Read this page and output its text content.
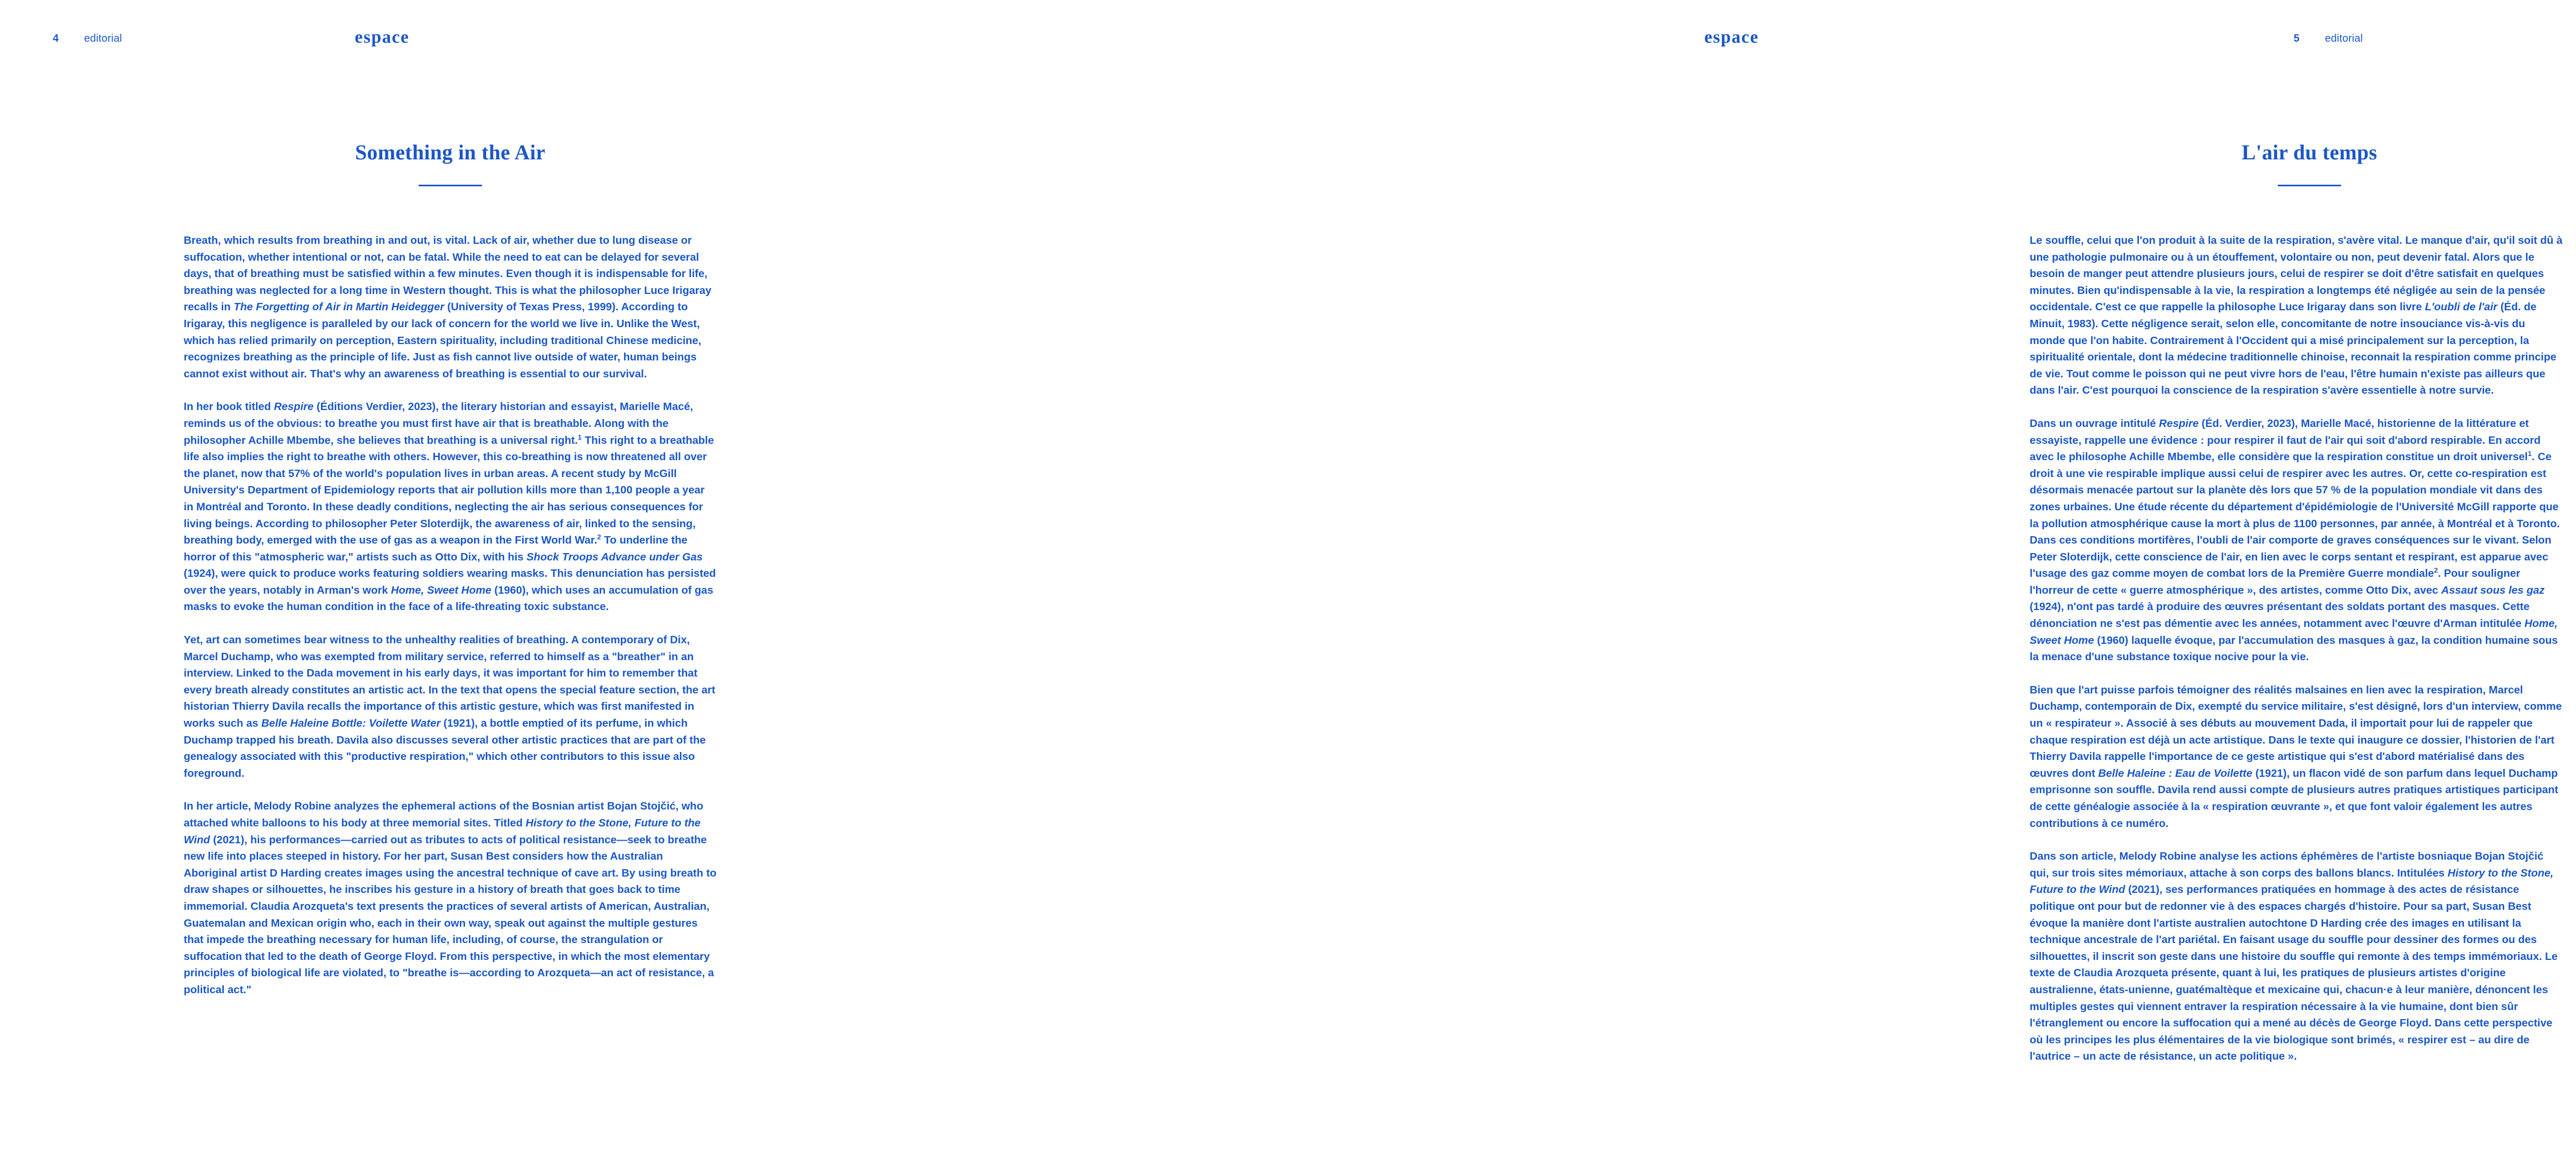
4 editorial	espace
Something in the Air

Breath, which results from breathing in and out, is vital. Lack of air, whether due to lung disease or suffocation, whether intentional or not, can be fatal. While the need to eat can be delayed for several days, that of breathing must be satisfied within a few minutes. Even though it is indispensable for life, breathing was neglected for a long time in Western thought. This is what the philosopher Luce Irigaray recalls in The Forgetting of Air in Martin Heidegger (University of Texas Press, 1999). According to Irigaray, this negligence is paralleled by our lack of concern for the world we live in. Unlike the West, which has relied primarily on perception, Eastern spirituality, including traditional Chinese medicine, recognizes breathing as the principle of life. Just as fish cannot live outside of water, human beings cannot exist without air. That's why an awareness of breathing is essential to our survival.

In her book titled Respire (Éditions Verdier, 2023), the literary historian and essayist, Marielle Macé, reminds us of the obvious: to breathe you must first have air that is breathable. Along with the philosopher Achille Mbembe, she believes that breathing is a universal right.$^1$ This right to a breathable life also implies the right to breathe with others. However, this co-breathing is now threatened all over the planet, now that 57% of the world's population lives in urban areas. A recent study by McGill University's Department of Epidemiology reports that air pollution kills more than 1,100 people a year in Montréal and Toronto. In these deadly conditions, neglecting the air has serious consequences for living beings. According to philosopher Peter Sloterdijk, the awareness of air, linked to the sensing, breathing body, emerged with the use of gas as a weapon in the First World War.$^2$ To underline the horror of this "atmospheric war," artists such as Otto Dix, with his Shock Troops Advance under Gas (1924), were quick to produce works featuring soldiers wearing masks. This denunciation has persisted over the years, notably in Arman's work Home, Sweet Home (1960), which uses an accumulation of gas masks to evoke the human condition in the face of a life-threating toxic substance.

Yet, art can sometimes bear witness to the unhealthy realities of breathing. A contemporary of Dix, Marcel Duchamp, who was exempted from military service, referred to himself as a "breather" in an interview. Linked to the Dada movement in his early days, it was important for him to remember that every breath already constitutes an artistic act. In the text that opens the special feature section, the art historian Thierry Davila recalls the importance of this artistic gesture, which was first manifested in works such as Belle Haleine Bottle: Voilette Water (1921), a bottle emptied of its perfume, in which Duchamp trapped his breath. Davila also discusses several other artistic practices that are part of the genealogy associated with this "productive respiration," which other contributors to this issue also foreground.

In her article, Melody Robine analyzes the ephemeral actions of the Bosnian artist Bojan Stojčić, who attached white balloons to his body at three memorial sites. Titled History to the Stone, Future to the Wind (2021), his performances—carried out as tributes to acts of political resistance—seek to breathe new life into places steeped in history. For her part, Susan Best considers how the Australian Aboriginal artist D Harding creates images using the ancestral technique of cave art. By using breath to draw shapes or silhouettes, he inscribes his gesture in a history of breath that goes back to time immemorial. Claudia Arozqueta's text presents the practices of several artists of American, Australian, Guatemalan and Mexican origin who, each in their own way, speak out against the multiple gestures that impede the breathing necessary for human life, including, of course, the strangulation or suffocation that led to the death of George Floyd. From this perspective, in which the most elementary principles of biological life are violated, to "breathe is—according to Arozqueta—an act of resistance, a political act."

5 editorial
espace
L'air du temps

Le souffle, celui que l'on produit à la suite de la respiration, s'avère vital. Le manque d'air, qu'il soit dû à une pathologie pulmonaire ou à un étouffement, volontaire ou non, peut devenir fatal. Alors que le besoin de manger peut attendre plusieurs jours, celui de respirer se doit d'être satisfait en quelques minutes. Bien qu'indispensable à la vie, la respiration a longtemps été négligée au sein de la pensée occidentale. C'est ce que rappelle la philosophe Luce Irigaray dans son livre L'oubli de l'air (Éd. de Minuit, 1983). Cette négligence serait, selon elle, concomitante de notre insouciance vis-à-vis du monde que l'on habite. Contrairement à l'Occident qui a misé principalement sur la perception, la spiritualité orientale, dont la médecine traditionnelle chinoise, reconnait la respiration comme principe de vie. Tout comme le poisson qui ne peut vivre hors de l'eau, l'être humain n'existe pas ailleurs que dans l'air. C'est pourquoi la conscience de la respiration s'avère essentielle à notre survie.

Dans un ouvrage intitulé Respire (Éd. Verdier, 2023), Marielle Macé, historienne de la littérature et essayiste, rappelle une évidence : pour respirer il faut de l'air qui soit d'abord respirable. En accord avec le philosophe Achille Mbembe, elle considère que la respiration constitue un droit universel$^1$. Ce droit à une vie respirable implique aussi celui de respirer avec les autres. Or, cette co-respiration est désormais menacée partout sur la planète dès lors que 57 % de la population mondiale vit dans des zones urbaines. Une étude récente du département d'épidémiologie de l'Université McGill rapporte que la pollution atmosphérique cause la mort à plus de 1100 personnes, par année, à Montréal et à Toronto. Dans ces conditions mortifères, l'oubli de l'air comporte de graves conséquences sur le vivant. Selon Peter Sloterdijk, cette conscience de l'air, en lien avec le corps sentant et respirant, est apparue avec l'usage des gaz comme moyen de combat lors de la Première Guerre mondiale$^2$. Pour souligner l'horreur de cette « guerre atmosphérique », des artistes, comme Otto Dix, avec Assaut sous les gaz (1924), n'ont pas tardé à produire des œuvres présentant des soldats portant des masques. Cette dénonciation ne s'est pas démentie avec les années, notamment avec l'œuvre d'Arman intitulée Home, Sweet Home (1960) laquelle évoque, par l'accumulation des masques à gaz, la condition humaine sous la menace d'une substance toxique nocive pour la vie.

Bien que l'art puisse parfois témoigner des réalités malsaines en lien avec la respiration, Marcel Duchamp, contemporain de Dix, exempté du service militaire, s'est désigné, lors d'un interview, comme un « respirateur ». Associé à ses débuts au mouvement Dada, il importait pour lui de rappeler que chaque respiration est déjà un acte artistique. Dans le texte qui inaugure ce dossier, l'historien de l'art Thierry Davila rappelle l'importance de ce geste artistique qui s'est d'abord matérialisé dans des œuvres dont Belle Haleine : Eau de Voilette (1921), un flacon vidé de son parfum dans lequel Duchamp emprisonne son souffle. Davila rend aussi compte de plusieurs autres pratiques artistiques participant de cette généalogie associée à la « respiration œuvrante », et que font valoir également les autres contributions à ce numéro.

Dans son article, Melody Robine analyse les actions éphémères de l'artiste bosniaque Bojan Stojčić qui, sur trois sites mémoriaux, attache à son corps des ballons blancs. Intitulées History to the Stone, Future to the Wind (2021), ses performances pratiquées en hommage à des actes de résistance politique ont pour but de redonner vie à des espaces chargés d'histoire. Pour sa part, Susan Best évoque la manière dont l'artiste australien autochtone D Harding crée des images en utilisant la technique ancestrale de l'art pariétal. En faisant usage du souffle pour dessiner des formes ou des silhouettes, il inscrit son geste dans une histoire du souffle qui remonte à des temps immémoriaux. Le texte de Claudia Arozqueta présente, quant à lui, les pratiques de plusieurs artistes d'origine australienne, états-unienne, guatémaltèque et mexicaine qui, chacun·e à leur manière, dénoncent les multiples gestes qui viennent entraver la respiration nécessaire à la vie humaine, dont bien sûr l'étranglement ou encore la suffocation qui a mené au décès de George Floyd. Dans cette perspective où les principes les plus élémentaires de la vie biologique sont brimés, « respirer est – au dire de l'autrice – un acte de résistance, un acte politique ».
